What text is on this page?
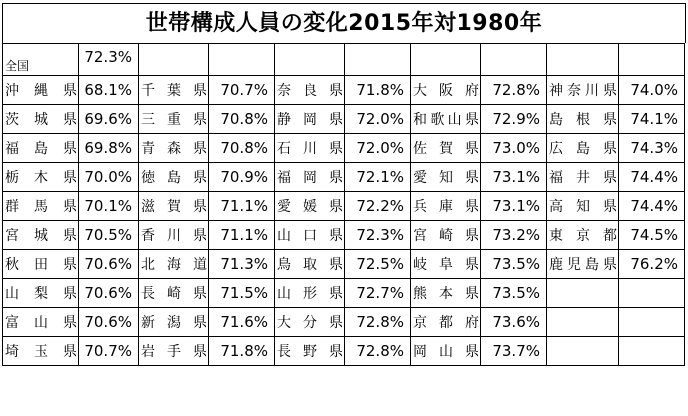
世帯構成人員の変化2015年対1980年
全国	72.3%								

沖 縄 県	68.1%	千 葉 県	70.7%	奈 良 県	71.8%	大 阪 府	72.8%	神 奈 川 県	74.0%

茨 城 県	69.6%	三 重 県	70.8%	静 岡 県	72.0%	和 歌 山 県	72.9%	島 根 県	74.1%

福 島 県	69.8%	青 森 県	70.8%	石 川 県	72.0%	佐 賀 県	73.0%	広 島 県	74.3%

栃 木 県	70.0%	徳 島 県	70.9%	福 岡 県	72.1%	愛 知 県	73.1%	福 井 県	74.4%

群 馬 県	70.1%	滋 賀 県	71.1%	愛 媛 県	72.2%	兵 庫 県	73.1%	高 知 県	74.4%

宮 城 県	70.5%	香 川 県	71.1%	山 口 県	72.3%	宮 崎 県	73.2%	東 京 都	74.5%

秋 田 県	70.6%	北 海 道	71.3%	鳥 取 県	72.5%	岐 阜 県	73.5%	鹿 児 島 県	76.2%

山 梨 県	70.6%	長 崎 県	71.5%	山 形 県	72.7%	熊 本 県	73.5%		

富 山 県	70.6%	新 潟 県	71.6%	大 分 県	72.8%	京 都 府	73.6%		

埼 玉 県	70.7%	岩 手 県	71.8%	長 野 県	72.8%	岡 山 県	73.7%		
